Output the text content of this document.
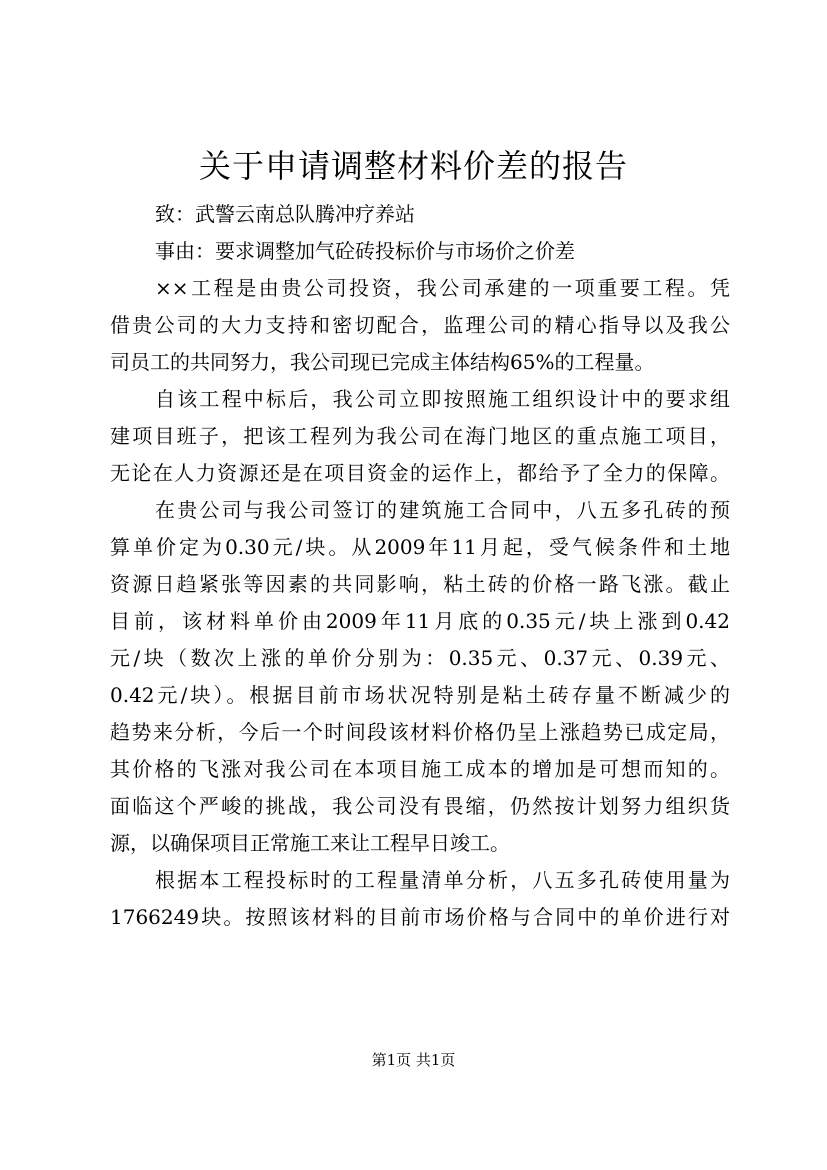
关于申请调整材料价差的报告
致：武警云南总队腾冲疗养站
事由：要求调整加气砼砖投标价与市场价之价差
××工程是由贵公司投资，我公司承建的一项重要工程。凭
借贵公司的大力支持和密切配合，监理公司的精心指导以及我公
司员工的共同努力，我公司现已完成主体结构65%的工程量。
自该工程中标后，我公司立即按照施工组织设计中的要求组
建项目班子，把该工程列为我公司在海门地区的重点施工项目，
无论在人力资源还是在项目资金的运作上，都给予了全力的保障。
在贵公司与我公司签订的建筑施工合同中，八五多孔砖的预
算单价定为0.30元/块。从2009年11月起，受气候条件和土地
资源日趋紧张等因素的共同影响，粘土砖的价格一路飞涨。截止
目前，该材料单价由2009年11月底的0.35元/块上涨到0.42
元/块（数次上涨的单价分别为：0.35元、0.37元、0.39元、
0.42元/块）。根据目前市场状况特别是粘土砖存量不断减少的
趋势来分析，今后一个时间段该材料价格仍呈上涨趋势已成定局，
其价格的飞涨对我公司在本项目施工成本的增加是可想而知的。
面临这个严峻的挑战，我公司没有畏缩，仍然按计划努力组织货
源，以确保项目正常施工来让工程早日竣工。
根据本工程投标时的工程量清单分析，八五多孔砖使用量为
1766249块。按照该材料的目前市场价格与合同中的单价进行对
第1页 共1页
